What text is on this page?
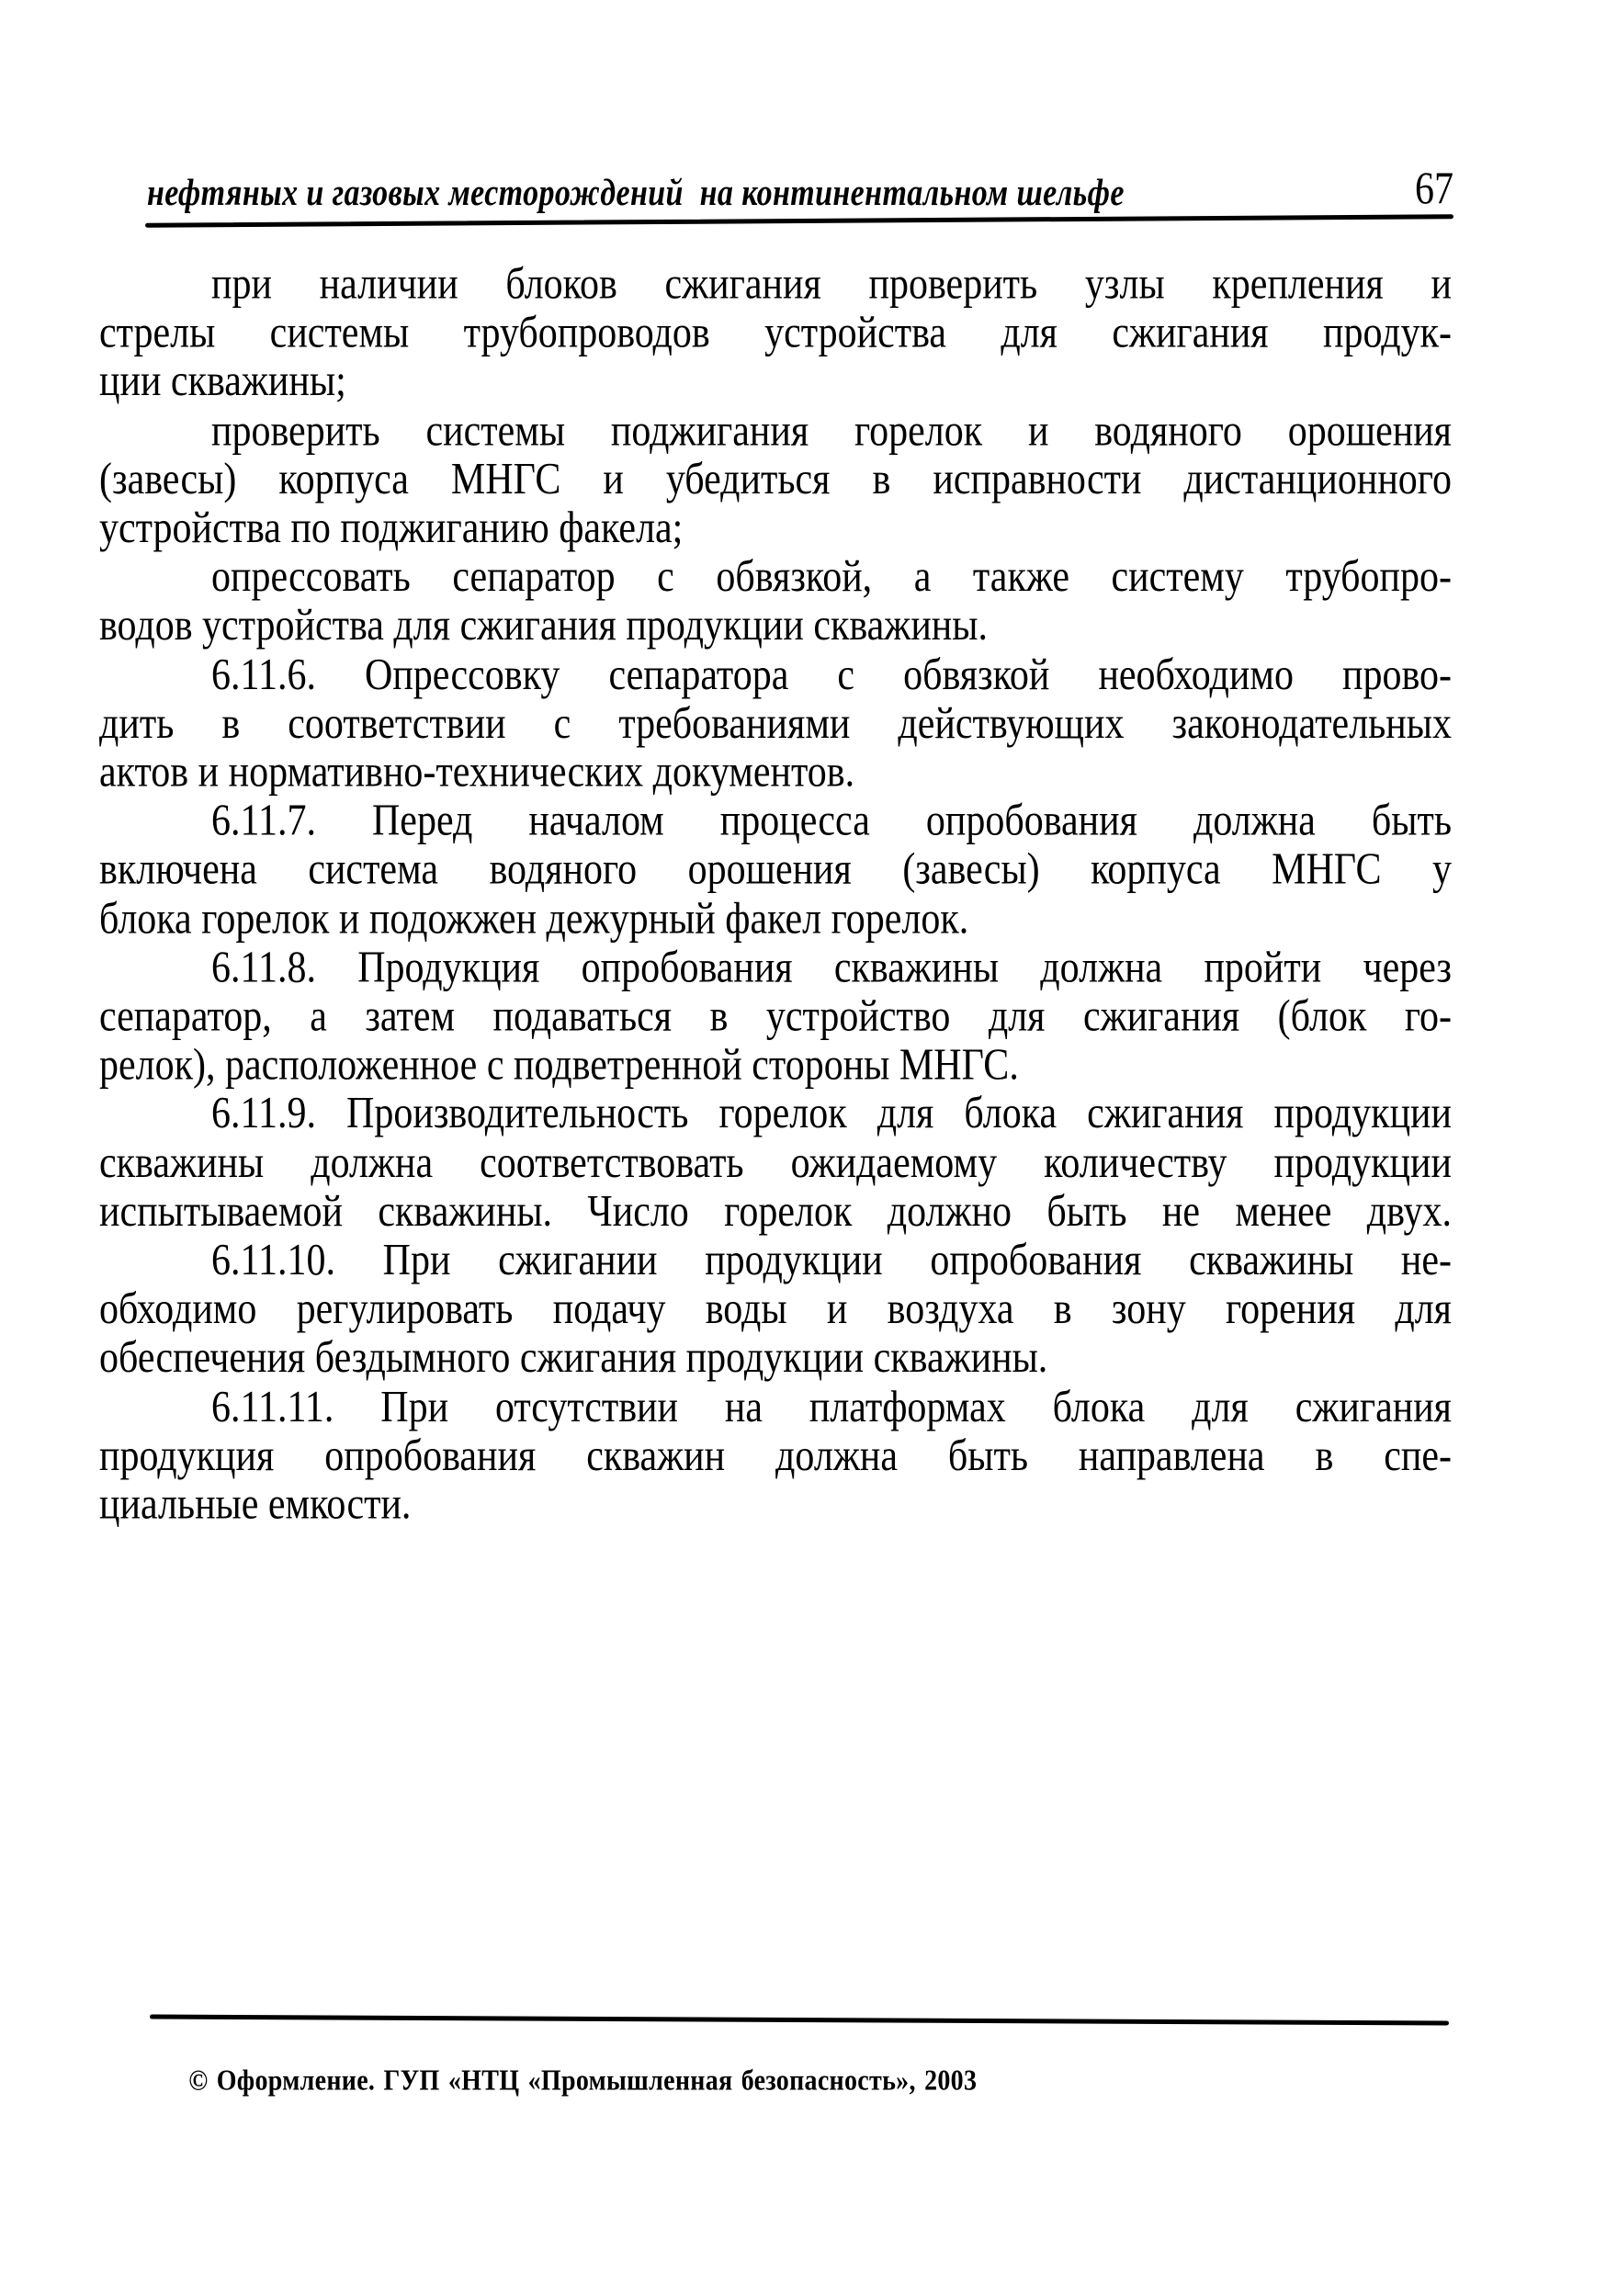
нефтяных и газовых месторождений  на континентальном шельфе	67

при наличии блоков сжигания проверить узлы крепления и
стрелы системы трубопроводов устройства для сжигания продук-
ции скважины;

проверить системы поджигания горелок и водяного орошения
(завесы) корпуса МНГС и убедиться в исправности дистанционного
устройства по поджиганию факела;

опрессовать сепаратор с обвязкой, а также систему трубопро-
водов устройства для сжигания продукции скважины.

6.11.6. Опрессовку сепаратора с обвязкой необходимо прово-
дить в соответствии с требованиями действующих законодательных
актов и нормативно-технических документов.

6.11.7. Перед началом процесса опробования должна быть
включена система водяного орошения (завесы) корпуса МНГС у
блока горелок и подожжен дежурный факел горелок.

6.11.8. Продукция опробования скважины должна пройти через
сепаратор, а затем подаваться в устройство для сжигания (блок го-
релок), расположенное с подветренной стороны МНГС.

6.11.9. Производительность горелок для блока сжигания продукции
скважины должна соответствовать ожидаемому количеству продукции
испытываемой скважины. Число горелок должно быть не менее двух.

6.11.10. При сжигании продукции опробования скважины не-
обходимо регулировать подачу воды и воздуха в зону горения для
обеспечения бездымного сжигания продукции скважины.

6.11.11. При отсутствии на платформах блока для сжигания
продукция опробования скважин должна быть направлена в спе-
циальные емкости.

© Оформление. ГУП «НТЦ «Промышленная безопасность», 2003
